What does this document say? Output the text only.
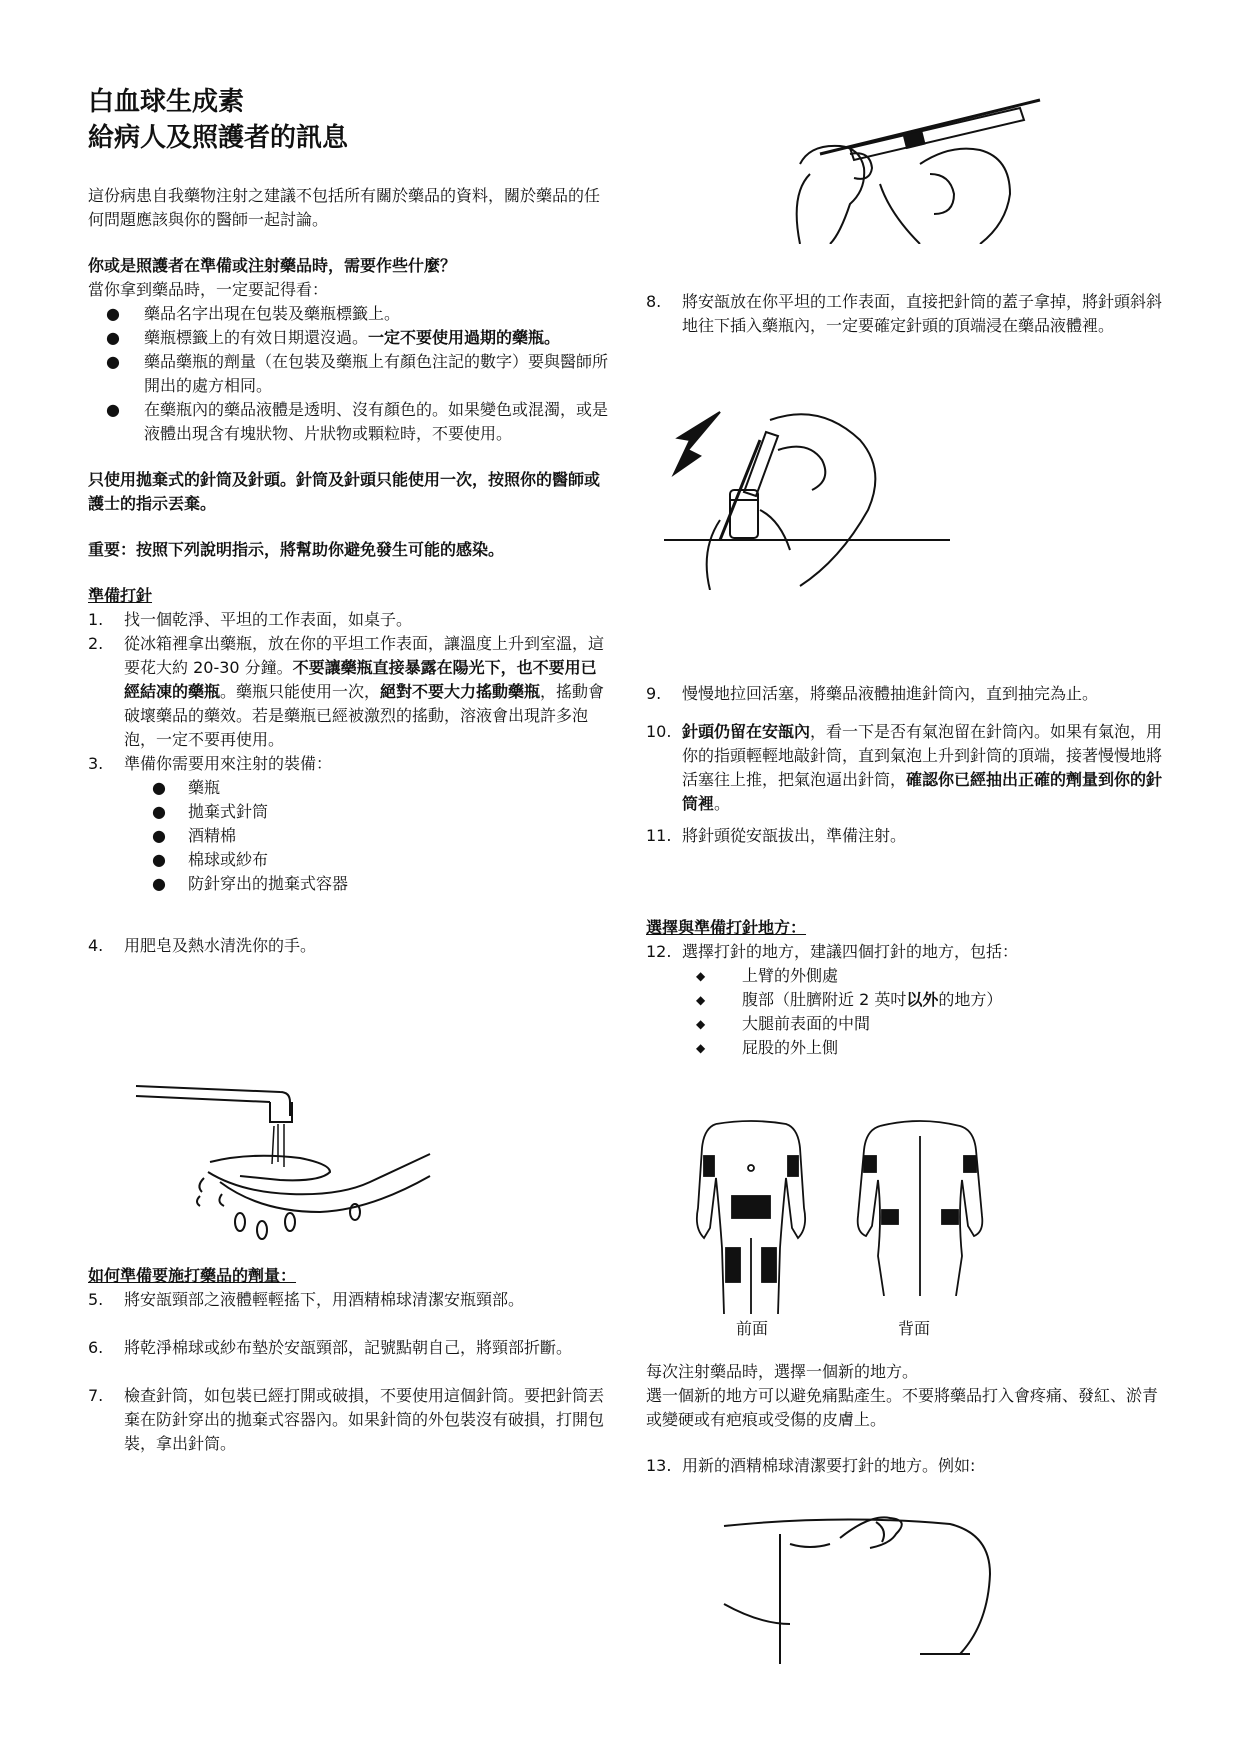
白血球生成素
給病人及照護者的訊息

這份病患自我藥物注射之建議不包括所有關於藥品的資料，關於藥品的任何問題應該與你的醫師一起討論。

你或是照護者在準備或注射藥品時，需要作些什麼？

當你拿到藥品時，一定要記得看：

●	藥品名字出現在包裝及藥瓶標籤上。
●	藥瓶標籤上的有效日期還沒過。一定不要使用過期的藥瓶。
●	藥品藥瓶的劑量（在包裝及藥瓶上有顏色注記的數字）要與醫師所開出的處方相同。
●	在藥瓶內的藥品液體是透明、沒有顏色的。如果變色或混濁，或是液體出現含有塊狀物、片狀物或顆粒時，不要使用。

只使用拋棄式的針筒及針頭。針筒及針頭只能使用一次，按照你的醫師或護士的指示丟棄。

重要：按照下列說明指示，將幫助你避免發生可能的感染。

準備打針

1.	找一個乾淨、平坦的工作表面，如桌子。
2.	從冰箱裡拿出藥瓶，放在你的平坦工作表面，讓溫度上升到室溫，這要花大約 20-30 分鐘。不要讓藥瓶直接暴露在陽光下，也不要用已經結凍的藥瓶。藥瓶只能使用一次，絕對不要大力搖動藥瓶，搖動會破壞藥品的藥效。若是藥瓶已經被激烈的搖動，溶液會出現許多泡泡，一定不要再使用。
3.	準備你需要用來注射的裝備：
●	藥瓶
●	拋棄式針筒
●	酒精棉
●	棉球或紗布
●	防針穿出的拋棄式容器
4.	用肥皂及熱水清洗你的手。

如何準備要施打藥品的劑量：

5.	將安瓿頸部之液體輕輕搖下，用酒精棉球清潔安瓶頸部。
6.	將乾淨棉球或紗布墊於安瓿頸部，記號點朝自己，將頸部折斷。
7.	檢查針筒，如包裝已經打開或破損，不要使用這個針筒。要把針筒丟棄在防針穿出的拋棄式容器內。如果針筒的外包裝沒有破損，打開包裝，拿出針筒。
8.	將安瓿放在你平坦的工作表面，直接把針筒的蓋子拿掉，將針頭斜斜地往下插入藥瓶內，一定要確定針頭的頂端浸在藥品液體裡。
9.	慢慢地拉回活塞，將藥品液體抽進針筒內，直到抽完為止。
10. 針頭仍留在安瓿內，看一下是否有氣泡留在針筒內。如果有氣泡，用你的指頭輕輕地敲針筒，直到氣泡上升到針筒的頂端，接著慢慢地將活塞往上推，把氣泡逼出針筒，確認你已經抽出正確的劑量到你的針筒裡。
11. 將針頭從安瓿拔出，準備注射。

選擇與準備打針地方：

12. 選擇打針的地方，建議四個打針的地方，包括：
◆	上臂的外側處
◆	腹部（肚臍附近 2 英吋以外的地方）
◆	大腿前表面的中間
◆	屁股的外上側
前面	背面

每次注射藥品時，選擇一個新的地方。

選一個新的地方可以避免痛點產生。不要將藥品打入會疼痛、發紅、淤青或變硬或有疤痕或受傷的皮膚上。

13. 用新的酒精棉球清潔要打針的地方。例如:
